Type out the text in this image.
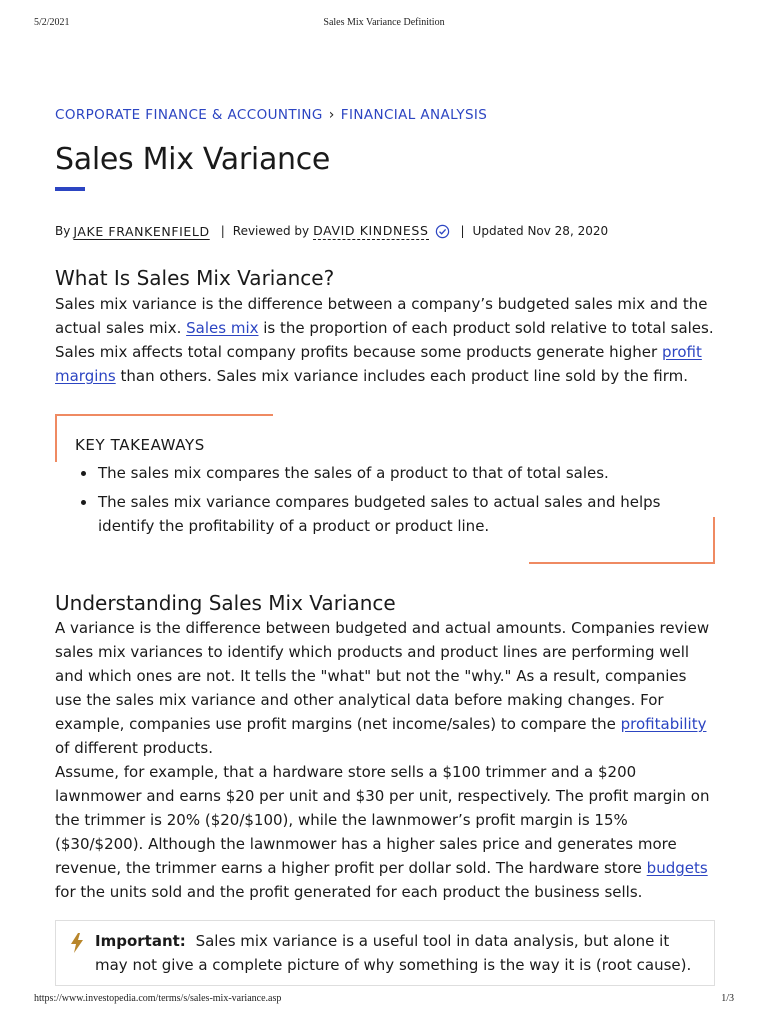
5/2/2021	Sales Mix Variance Definition
CORPORATE FINANCE & ACCOUNTING › FINANCIAL ANALYSIS
Sales Mix Variance
By JAKE FRANKENFIELD | Reviewed by DAVID KINDNESS	| Updated Nov 28, 2020
What Is Sales Mix Variance?

Sales mix variance is the difference between a company’s budgeted sales mix and the actual sales mix. Sales mix is the proportion of each product sold relative to total sales. Sales mix affects total company profits because some products generate higher profit margins than others. Sales mix variance includes each product line sold by the firm.

KEY TAKEAWAYS
The sales mix compares the sales of a product to that of total sales.
The sales mix variance compares budgeted sales to actual sales and helps identify the profitability of a product or product line.
Understanding Sales Mix Variance

A variance is the difference between budgeted and actual amounts. Companies review sales mix variances to identify which products and product lines are performing well and which ones are not. It tells the "what" but not the "why." As a result, companies use the sales mix variance and other analytical data before making changes. For example, companies use profit margins (net income/sales) to compare the profitability of different products.

Assume, for example, that a hardware store sells a $100 trimmer and a $200 lawnmower and earns $20 per unit and $30 per unit, respectively. The profit margin on the trimmer is 20% ($20/$100), while the lawnmower’s profit margin is 15% ($30/$200). Although the lawnmower has a higher sales price and generates more revenue, the trimmer earns a higher profit per dollar sold. The hardware store budgets for the units sold and the profit generated for each product the business sells.

Important: Sales mix variance is a useful tool in data analysis, but alone it may not give a complete picture of why something is the way it is (root cause).
https://www.investopedia.com/terms/s/sales-mix-variance.asp	1/3
